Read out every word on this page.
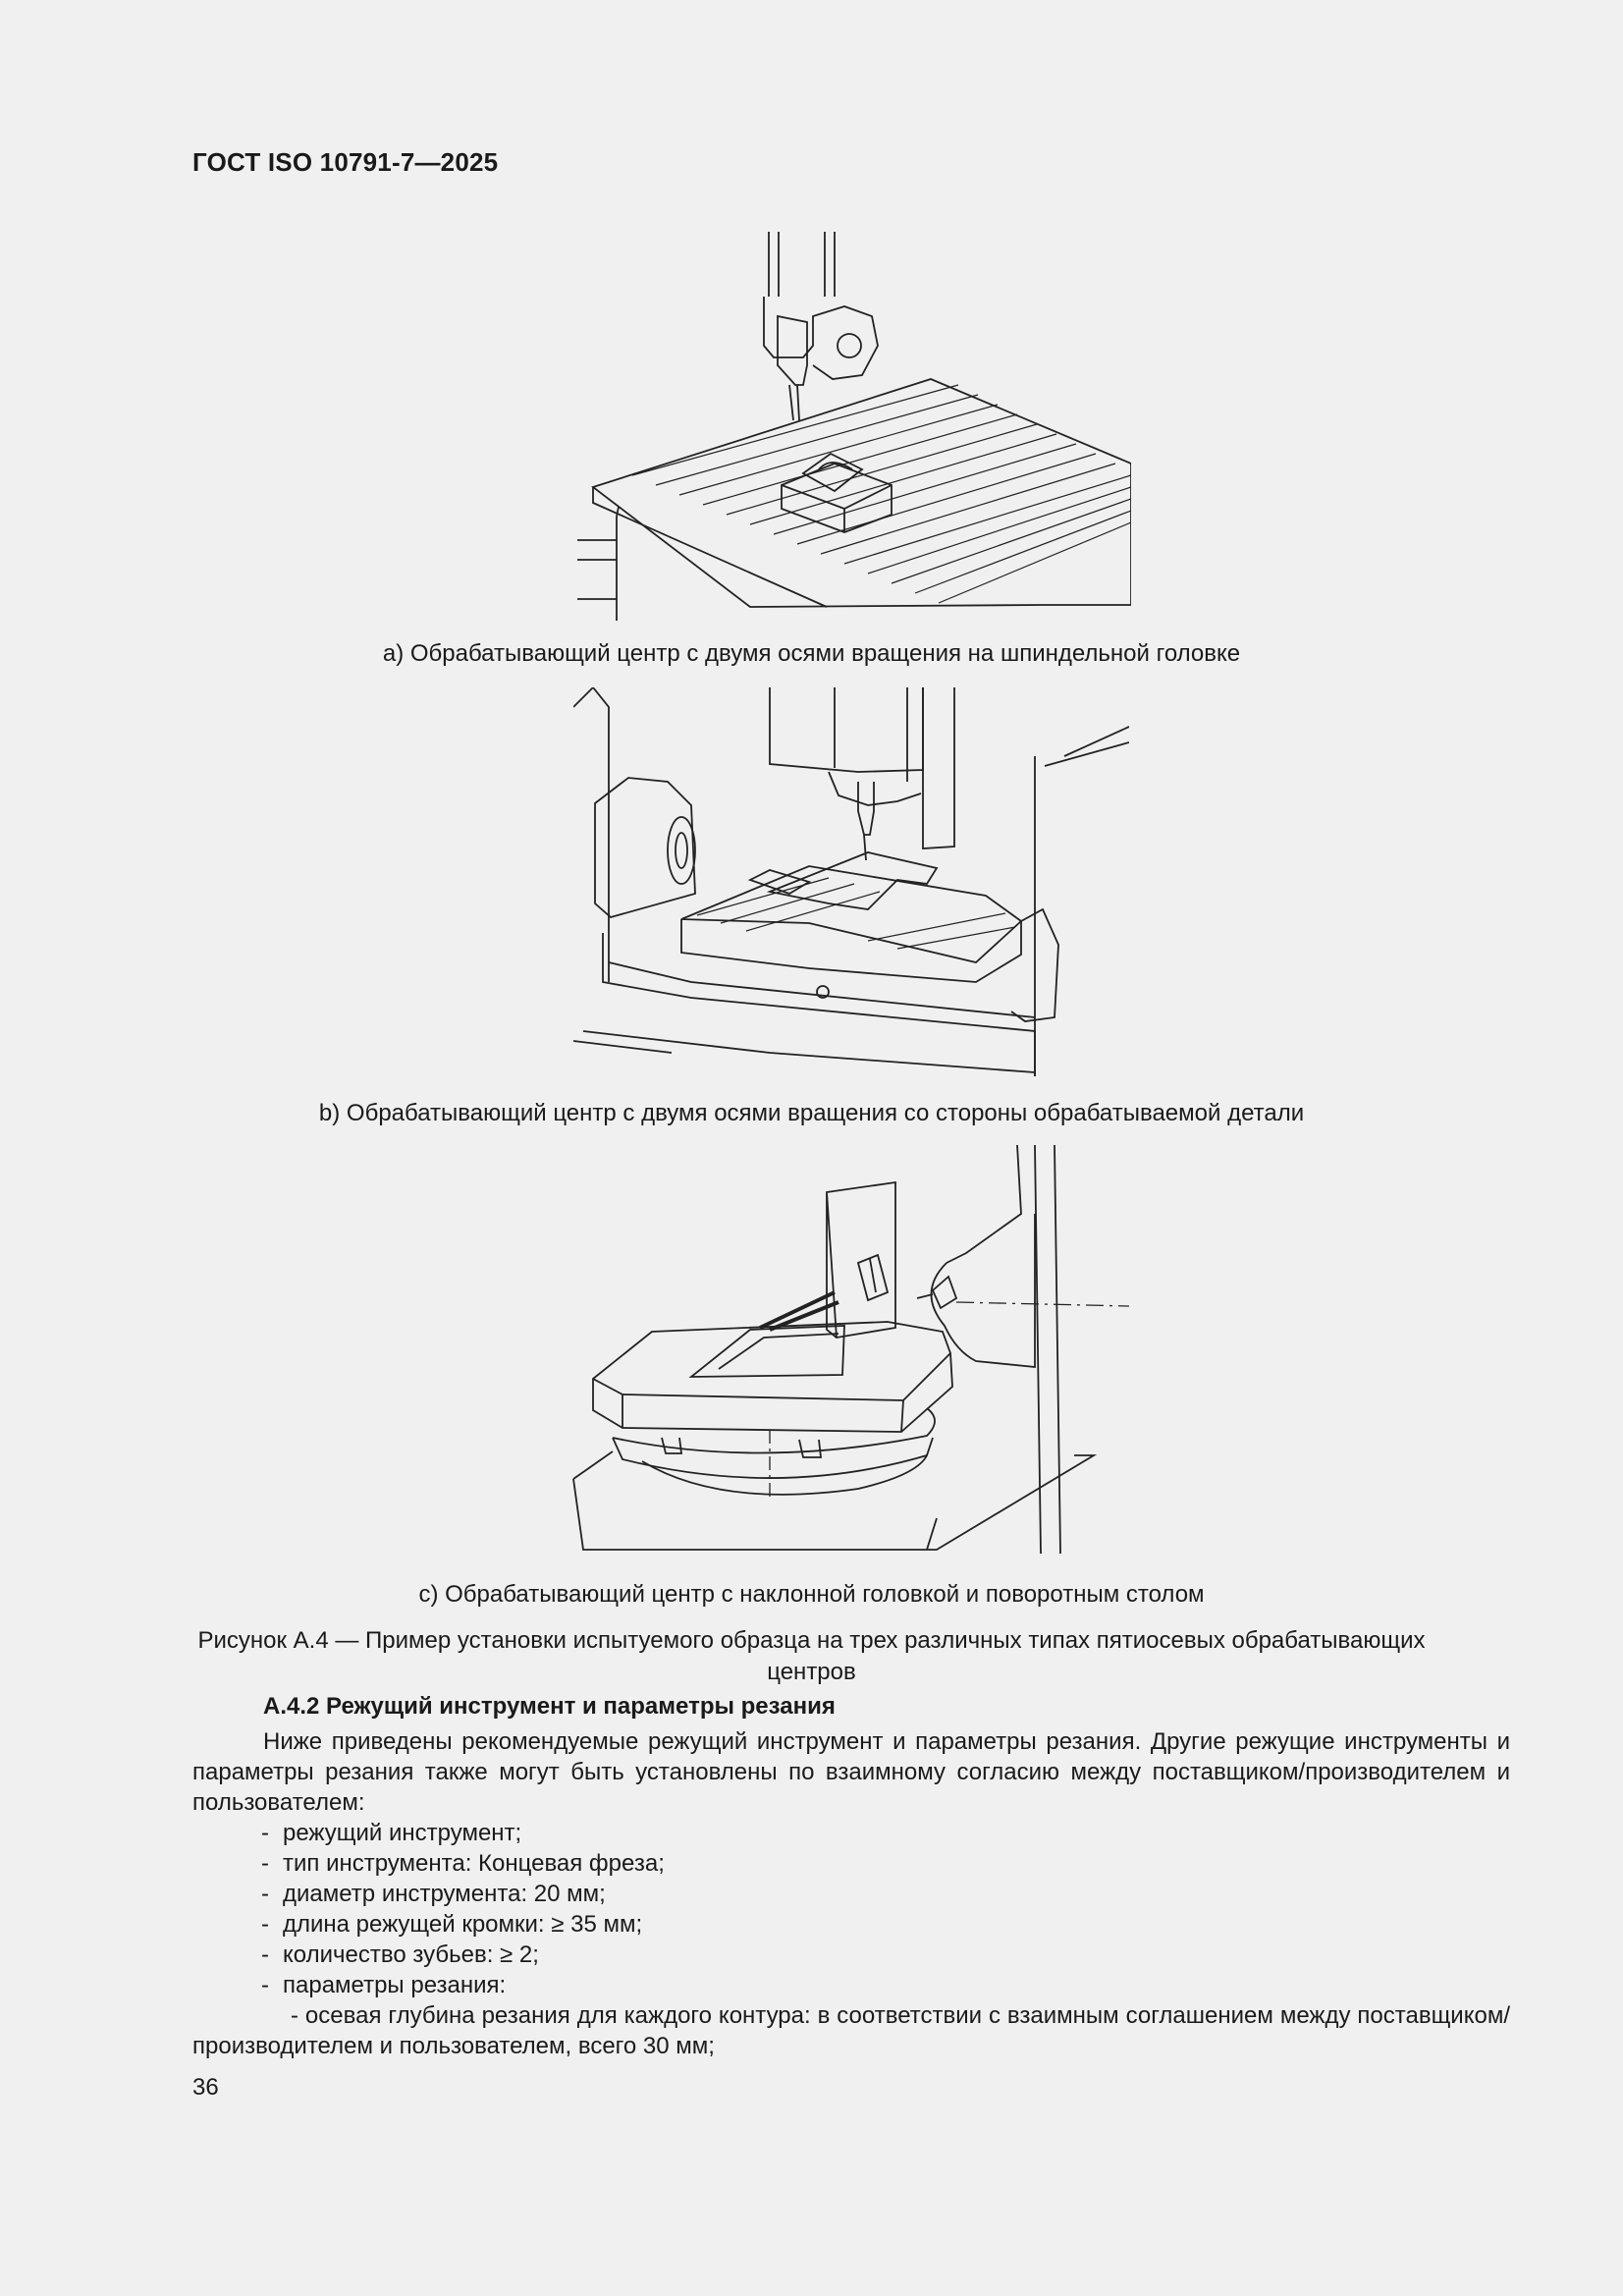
ГОСТ ISO 10791-7—2025
a) Обрабатывающий центр с двумя осями вращения на шпиндельной головке
b) Обрабатывающий центр с двумя осями вращения со стороны обрабатываемой детали
c) Обрабатывающий центр с наклонной головкой и поворотным столом
Рисунок А.4 — Пример установки испытуемого образца на трех различных типах пятиосевых обрабатывающих центров
А.4.2 Режущий инструмент и параметры резания
Ниже приведены рекомендуемые режущий инструмент и параметры резания. Другие режущие инструменты и параметры резания также могут быть установлены по взаимному согласию между поставщиком/производителем и пользователем:
- режущий инструмент;
- тип инструмента: Концевая фреза;
- диаметр инструмента: 20 мм;
- длина режущей кромки: ≥ 35 мм;
- количество зубьев: ≥ 2;
- параметры резания:
- осевая глубина резания для каждого контура: в соответствии с взаимным соглашением между поставщиком/производителем и пользователем, всего 30 мм;
36
